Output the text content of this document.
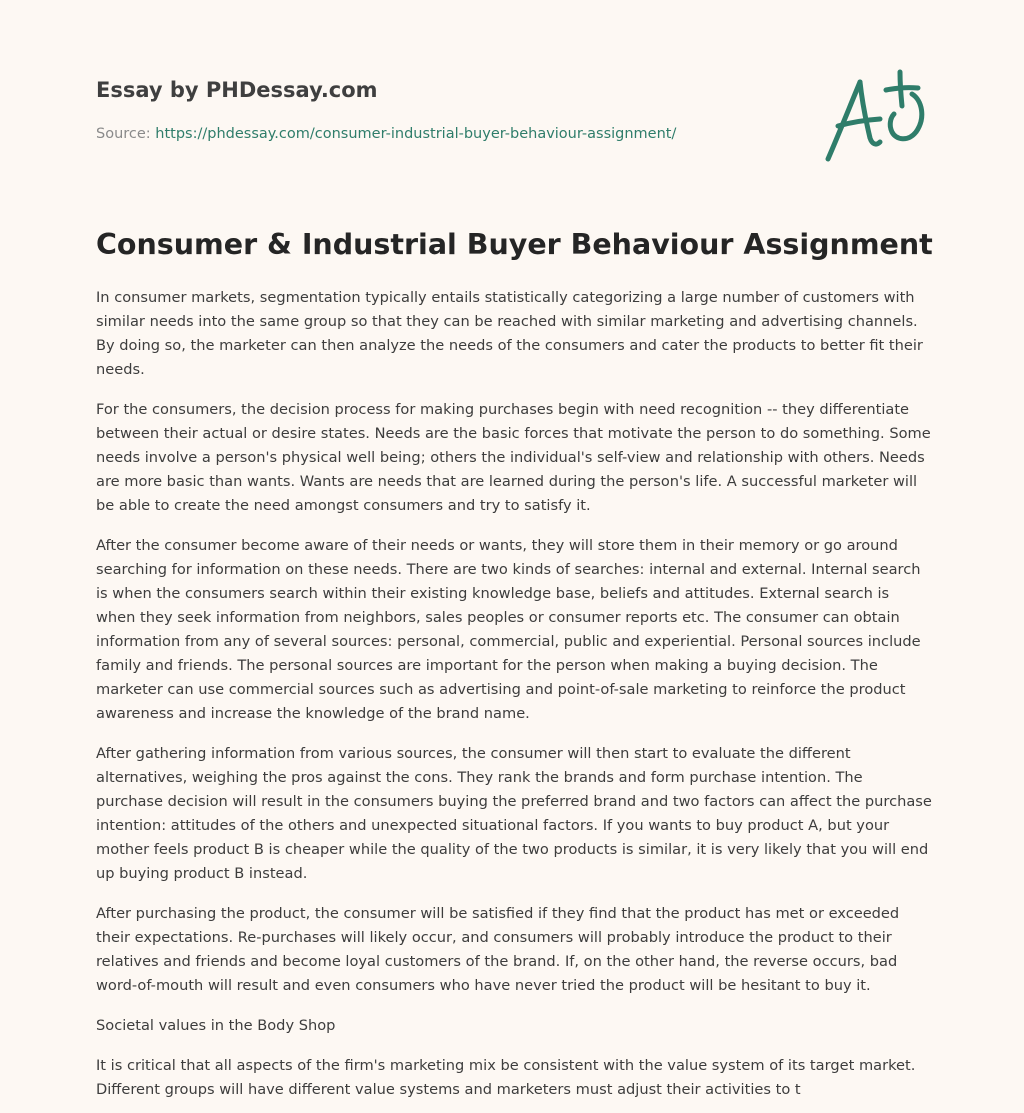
Essay by PHDessay.com
Source: https://phdessay.com/consumer-industrial-buyer-behaviour-assignment/
Consumer & Industrial Buyer Behaviour Assignment

In consumer markets, segmentation typically entails statistically categorizing a large number of customers with similar needs into the same group so that they can be reached with similar marketing and advertising channels. By doing so, the marketer can then analyze the needs of the consumers and cater the products to better fit their needs.

For the consumers, the decision process for making purchases begin with need recognition -- they differentiate between their actual or desire states. Needs are the basic forces that motivate the person to do something. Some needs involve a person's physical well being; others the individual's self-view and relationship with others. Needs are more basic than wants. Wants are needs that are learned during the person's life. A successful marketer will be able to create the need amongst consumers and try to satisfy it.

After the consumer become aware of their needs or wants, they will store them in their memory or go around searching for information on these needs. There are two kinds of searches: internal and external. Internal search is when the consumers search within their existing knowledge base, beliefs and attitudes. External search is when they seek information from neighbors, sales peoples or consumer reports etc. The consumer can obtain information from any of several sources: personal, commercial, public and experiential. Personal sources include family and friends. The personal sources are important for the person when making a buying decision. The marketer can use commercial sources such as advertising and point-of-sale marketing to reinforce the product awareness and increase the knowledge of the brand name.

After gathering information from various sources, the consumer will then start to evaluate the different alternatives, weighing the pros against the cons. They rank the brands and form purchase intention. The purchase decision will result in the consumers buying the preferred brand and two factors can affect the purchase intention: attitudes of the others and unexpected situational factors. If you wants to buy product A, but your mother feels product B is cheaper while the quality of the two products is similar, it is very likely that you will end up buying product B instead.

After purchasing the product, the consumer will be satisfied if they find that the product has met or exceeded their expectations. Re-purchases will likely occur, and consumers will probably introduce the product to their relatives and friends and become loyal customers of the brand. If, on the other hand, the reverse occurs, bad word-of-mouth will result and even consumers who have never tried the product will be hesitant to buy it.

Societal values in the Body Shop

It is critical that all aspects of the firm's marketing mix be consistent with the value system of its target market. Different groups will have different value systems and marketers must adjust their activities to t
